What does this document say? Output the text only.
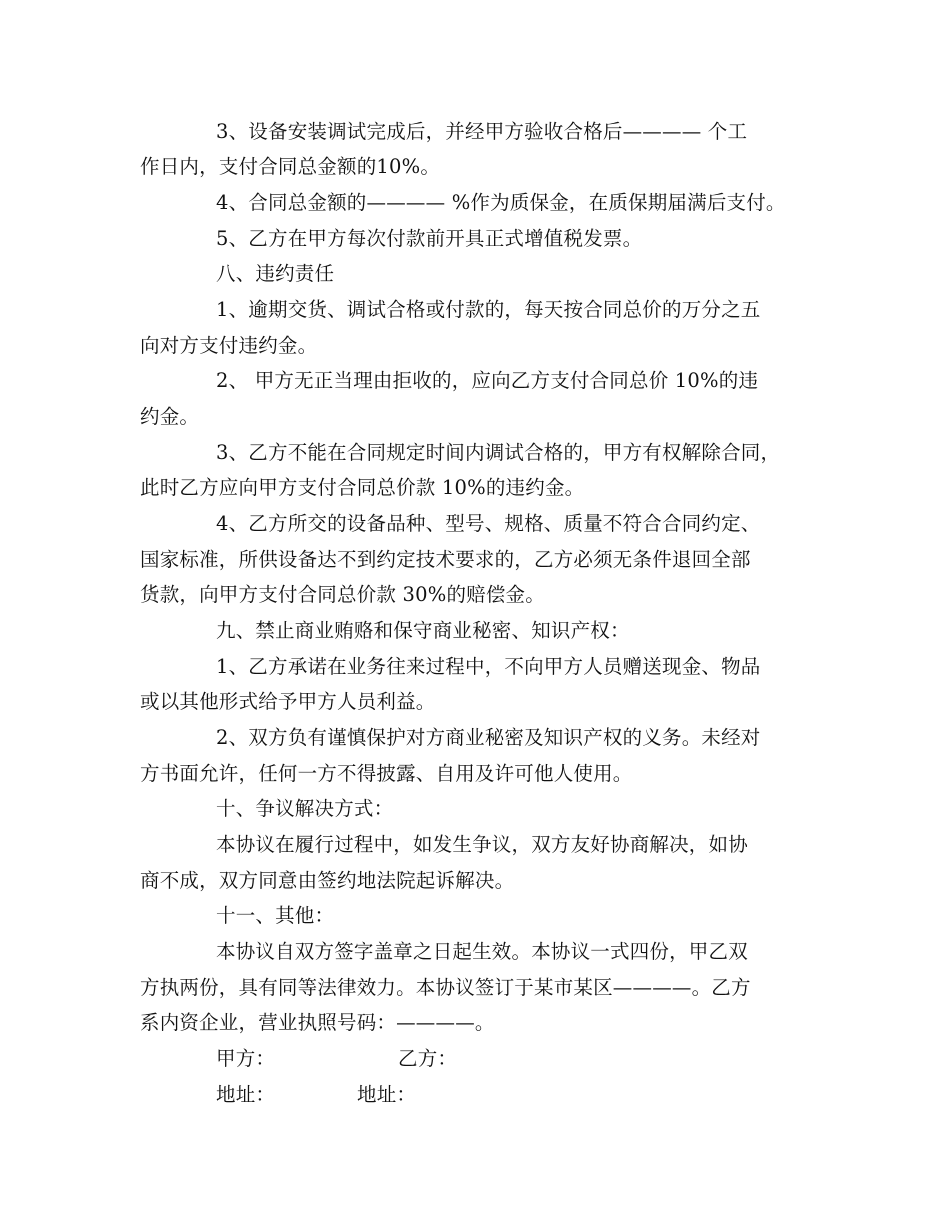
3、设备安装调试完成后，并经甲方验收合格后———— 个工
作日内，支付合同总金额的10%。
4、合同总金额的———— %作为质保金，在质保期届满后支付。
5、乙方在甲方每次付款前开具正式增值税发票。
八、违约责任
1、逾期交货、调试合格或付款的，每天按合同总价的万分之五
向对方支付违约金。
2、 甲方无正当理由拒收的，应向乙方支付合同总价 10%的违
约金。
3、乙方不能在合同规定时间内调试合格的，甲方有权解除合同，
此时乙方应向甲方支付合同总价款 10%的违约金。
4、乙方所交的设备品种、型号、规格、质量不符合合同约定、
国家标准，所供设备达不到约定技术要求的，乙方必须无条件退回全部
货款，向甲方支付合同总价款 30%的赔偿金。
九、禁止商业贿赂和保守商业秘密、知识产权：
1、乙方承诺在业务往来过程中，不向甲方人员赠送现金、物品
或以其他形式给予甲方人员利益。
2、双方负有谨慎保护对方商业秘密及知识产权的义务。未经对
方书面允许，任何一方不得披露、自用及许可他人使用。
十、争议解决方式：
本协议在履行过程中，如发生争议，双方友好协商解决，如协
商不成，双方同意由签约地法院起诉解决。
十一、其他：
本协议自双方签字盖章之日起生效。本协议一式四份，甲乙双
方执两份，具有同等法律效力。本协议签订于某市某区————。乙方
系内资企业，营业执照号码：————。
甲方：	乙方：
地址：	地址：
